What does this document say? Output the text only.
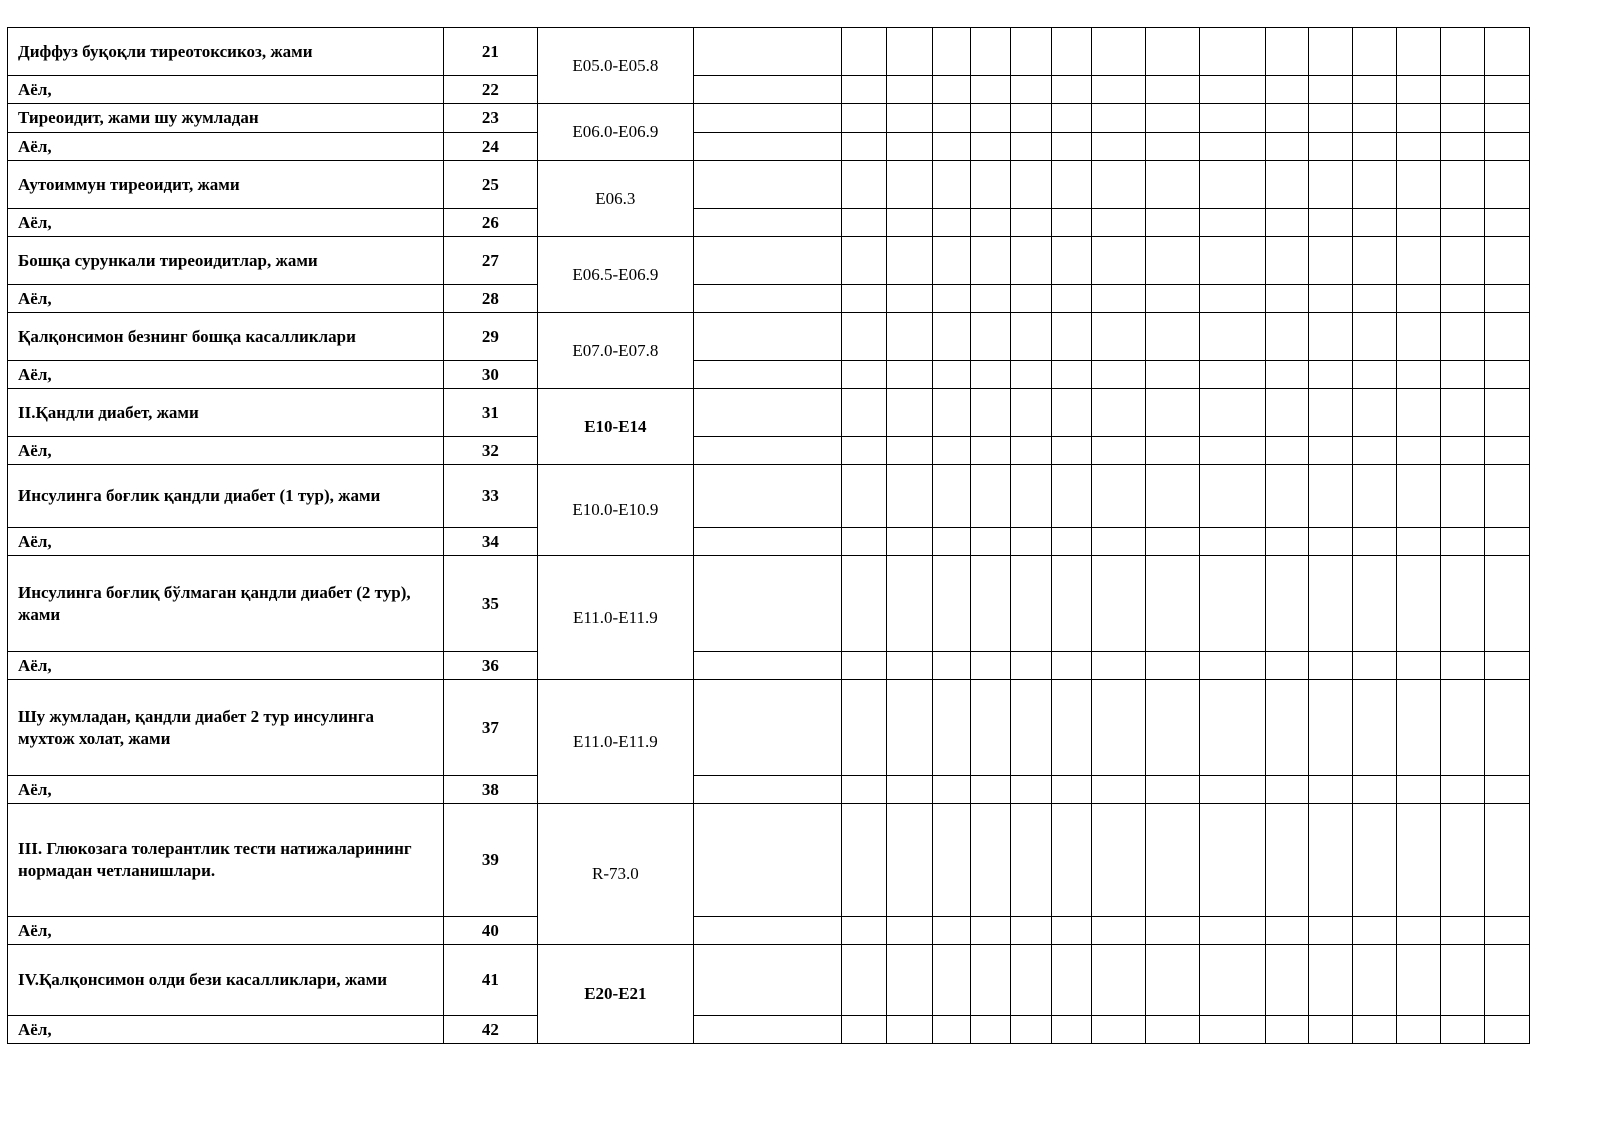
Диффуз буқоқли тиреотоксикоз, жами	21	E05.0-E05.8																
Аёл,	22																	
Тиреоидит, жами шу жумладан	23	E06.0-E06.9																
Аёл,	24																	
Аутоиммун тиреоидит, жами	25	E06.3																
Аёл,	26																	
Бошқа сурункали тиреоидитлар, жами	27	E06.5-E06.9																
Аёл,	28																	
Қалқонсимон безнинг бошқа касалликлари	29	E07.0-E07.8																
Аёл,	30																	
II.Қандли диабет, жами	31	E10-E14																
Аёл,	32																	
Инсулинга боғлик қандли диабет (1 тур), жами	33	E10.0-E10.9																
Аёл,	34																	
Инсулинга боғлиқ бўлмаган қандли диабет (2 тур), жами	35	E11.0-E11.9																
Аёл,	36																	
Шу жумладан, қандли диабет 2 тур инсулинга мухтож холат, жами	37	E11.0-E11.9																
Аёл,	38																	
III. Глюкозага толерантлик тести натижаларининг нормадан четланишлари.	39	R-73.0																
Аёл,	40																	
IV.Қалқонсимон олди бези касалликлари, жами	41	E20-E21																
Аёл,	42																	
